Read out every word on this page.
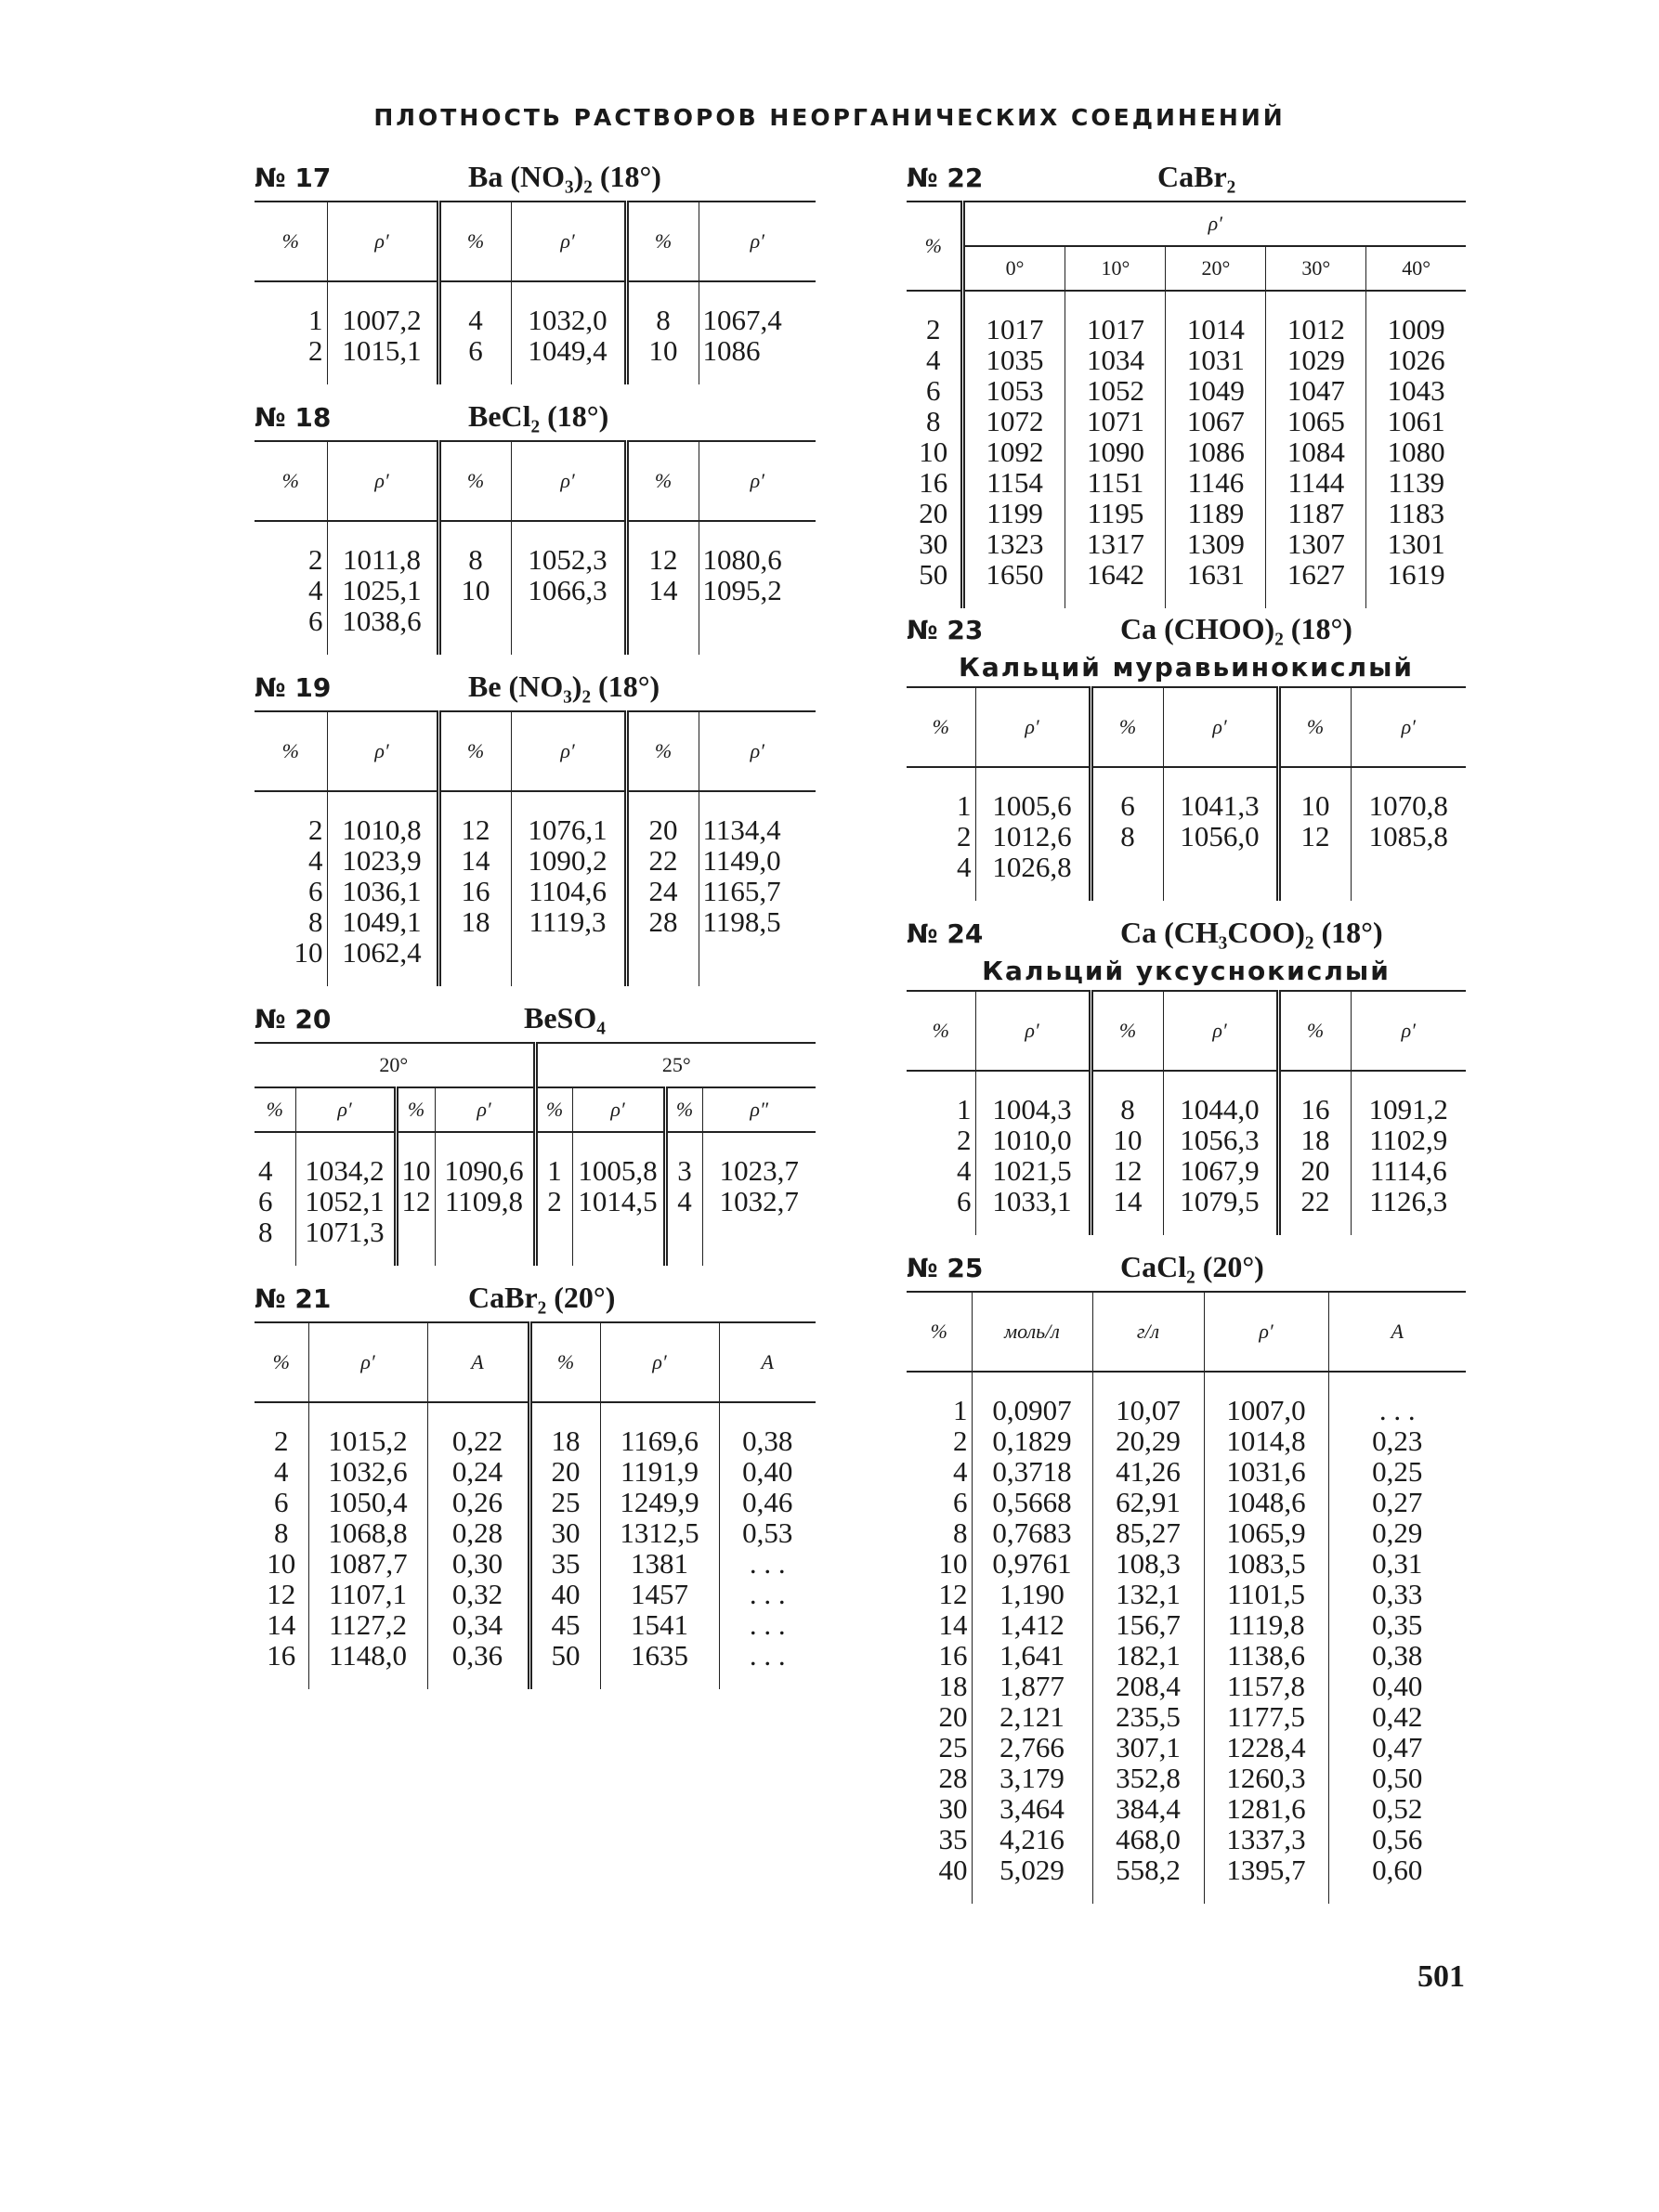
ПЛОТНОСТЬ РАСТВОРОВ НЕОРГАНИЧЕСКИХ СОЕДИНЕНИЙ
№ 17	Ba (NO₃)₂ (18°)
%	ρ′	%	ρ′	%	ρ′
1	1007,2	4	1032,0	8	1067,4
2	1015,1	6	1049,4	10	1086
№ 18	BeCl₂ (18°)
%	ρ′	%	ρ′	%	ρ′
2	1011,8	8	1052,3	12	1080,6
4	1025,1	10	1066,3	14	1095,2
6	1038,6				
№ 19	Be (NO₃)₂ (18°)
%	ρ′	%	ρ′	%	ρ′
2	1010,8	12	1076,1	20	1134,4
4	1023,9	14	1090,2	22	1149,0
6	1036,1	16	1104,6	24	1165,7
8	1049,1	18	1119,3	28	1198,5
10	1062,4				
№ 20	BeSO₄
20°				25°			
%	ρ′	%	ρ′	%	ρ′	%	ρ″
4	1034,2	10	1090,6	1	1005,8	3	1023,7
6	1052,1	12	1109,8	2	1014,5	4	1032,7
8	1071,3						
№ 21	CaBr₂ (20°)
%	ρ′	A	%	ρ′	A
2	1015,2	0,22	18	1169,6	0,38
4	1032,6	0,24	20	1191,9	0,40
6	1050,4	0,26	25	1249,9	0,46
8	1068,8	0,28	30	1312,5	0,53
10	1087,7	0,30	35	1381	. . .
12	1107,1	0,32	40	1457	. . .
14	1127,2	0,34	45	1541	. . .
16	1148,0	0,36	50	1635	. . .
№ 22	CaBr₂
%	ρ′				
	0°	10°	20°	30°	40°
2	1017	1017	1014	1012	1009
4	1035	1034	1031	1029	1026
6	1053	1052	1049	1047	1043
8	1072	1071	1067	1065	1061
10	1092	1090	1086	1084	1080
16	1154	1151	1146	1144	1139
20	1199	1195	1189	1187	1183
30	1323	1317	1309	1307	1301
50	1650	1642	1631	1627	1619
№ 23	Ca (CHOO)₂ (18°)
Кальций муравьинокислый
%	ρ′	%	ρ′	%	ρ′
1	1005,6	6	1041,3	10	1070,8
2	1012,6	8	1056,0	12	1085,8
4	1026,8				
№ 24	Ca (CH₃COO)₂ (18°)
Кальций уксуснокислый
%	ρ′	%	ρ′	%	ρ′
1	1004,3	8	1044,0	16	1091,2
2	1010,0	10	1056,3	18	1102,9
4	1021,5	12	1067,9	20	1114,6
6	1033,1	14	1079,5	22	1126,3
№ 25	CaCl₂ (20°)
%	моль/л	г/л	ρ′	A
1	0,0907	10,07	1007,0	. . .
2	0,1829	20,29	1014,8	0,23
4	0,3718	41,26	1031,6	0,25
6	0,5668	62,91	1048,6	0,27
8	0,7683	85,27	1065,9	0,29
10	0,9761	108,3	1083,5	0,31
12	1,190	132,1	1101,5	0,33
14	1,412	156,7	1119,8	0,35
16	1,641	182,1	1138,6	0,38
18	1,877	208,4	1157,8	0,40
20	2,121	235,5	1177,5	0,42
25	2,766	307,1	1228,4	0,47
28	3,179	352,8	1260,3	0,50
30	3,464	384,4	1281,6	0,52
35	4,216	468,0	1337,3	0,56
40	5,029	558,2	1395,7	0,60
501
